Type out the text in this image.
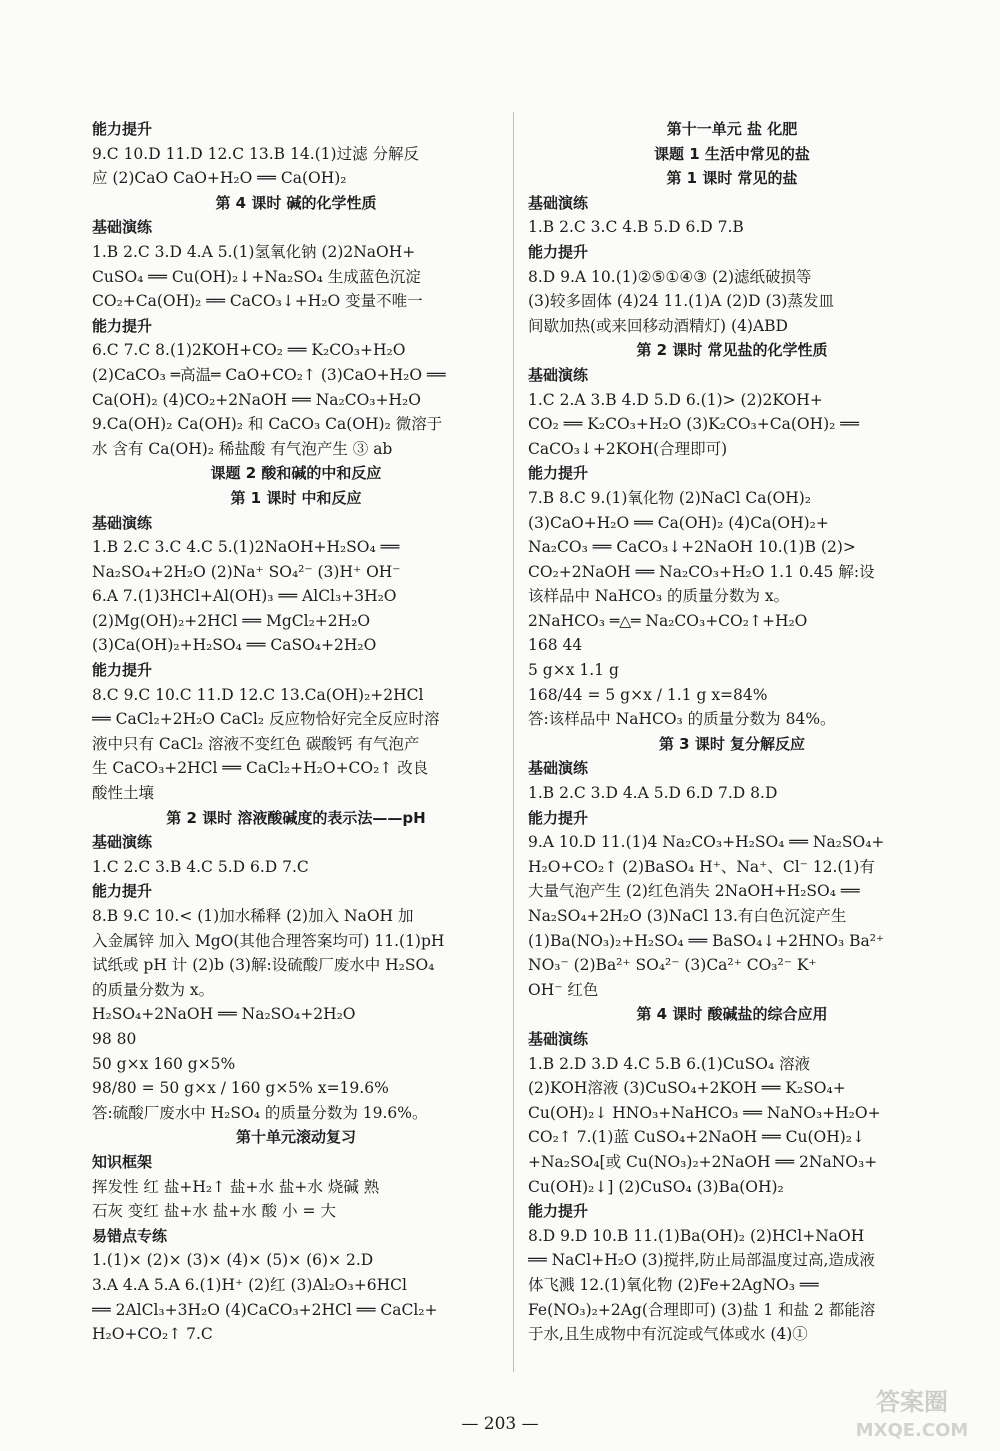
能力提升
9.C 10.D 11.D 12.C 13.B 14.(1)过滤 分解反
应 (2)CaO CaO+H₂O ══ Ca(OH)₂
第 4 课时 碱的化学性质
基础演练
1.B 2.C 3.D 4.A 5.(1)氢氧化钠 (2)2NaOH+
CuSO₄ ══ Cu(OH)₂↓+Na₂SO₄ 生成蓝色沉淀
CO₂+Ca(OH)₂ ══ CaCO₃↓+H₂O 变量不唯一
能力提升
6.C 7.C 8.(1)2KOH+CO₂ ══ K₂CO₃+H₂O
(2)CaCO₃ ═高温═ CaO+CO₂↑ (3)CaO+H₂O ══
Ca(OH)₂ (4)CO₂+2NaOH ══ Na₂CO₃+H₂O
9.Ca(OH)₂ Ca(OH)₂ 和 CaCO₃ Ca(OH)₂ 微溶于
水 含有 Ca(OH)₂ 稀盐酸 有气泡产生 ③ ab
课题 2 酸和碱的中和反应
第 1 课时 中和反应
基础演练
1.B 2.C 3.C 4.C 5.(1)2NaOH+H₂SO₄ ══
Na₂SO₄+2H₂O (2)Na⁺ SO₄²⁻ (3)H⁺ OH⁻
6.A 7.(1)3HCl+Al(OH)₃ ══ AlCl₃+3H₂O
(2)Mg(OH)₂+2HCl ══ MgCl₂+2H₂O
(3)Ca(OH)₂+H₂SO₄ ══ CaSO₄+2H₂O
能力提升
8.C 9.C 10.C 11.D 12.C 13.Ca(OH)₂+2HCl
══ CaCl₂+2H₂O CaCl₂ 反应物恰好完全反应时溶
液中只有 CaCl₂ 溶液不变红色 碳酸钙 有气泡产
生 CaCO₃+2HCl ══ CaCl₂+H₂O+CO₂↑ 改良
酸性土壤
第 2 课时 溶液酸碱度的表示法——pH
基础演练
1.C 2.C 3.B 4.C 5.D 6.D 7.C
能力提升
8.B 9.C 10.< (1)加水稀释 (2)加入 NaOH 加
入金属锌 加入 MgO(其他合理答案均可) 11.(1)pH
试纸或 pH 计 (2)b (3)解:设硫酸厂废水中 H₂SO₄
的质量分数为 x。
H₂SO₄+2NaOH ══ Na₂SO₄+2H₂O
98 80
50 g×x 160 g×5%
98/80 = 50 g×x / 160 g×5% x=19.6%
答:硫酸厂废水中 H₂SO₄ 的质量分数为 19.6%。
第十单元滚动复习
知识框架
挥发性 红 盐+H₂↑ 盐+水 盐+水 烧碱 熟
石灰 变红 盐+水 盐+水 酸 小 = 大
易错点专练
1.(1)× (2)× (3)× (4)× (5)× (6)× 2.D
3.A 4.A 5.A 6.(1)H⁺ (2)红 (3)Al₂O₃+6HCl
══ 2AlCl₃+3H₂O (4)CaCO₃+2HCl ══ CaCl₂+
H₂O+CO₂↑ 7.C
第十一单元 盐 化肥
课题 1 生活中常见的盐
第 1 课时 常见的盐
基础演练
1.B 2.C 3.C 4.B 5.D 6.D 7.B
能力提升
8.D 9.A 10.(1)②⑤①④③ (2)滤纸破损等
(3)较多固体 (4)24 11.(1)A (2)D (3)蒸发皿
间歇加热(或来回移动酒精灯) (4)ABD
第 2 课时 常见盐的化学性质
基础演练
1.C 2.A 3.B 4.D 5.D 6.(1)> (2)2KOH+
CO₂ ══ K₂CO₃+H₂O (3)K₂CO₃+Ca(OH)₂ ══
CaCO₃↓+2KOH(合理即可)
能力提升
7.B 8.C 9.(1)氧化物 (2)NaCl Ca(OH)₂
(3)CaO+H₂O ══ Ca(OH)₂ (4)Ca(OH)₂+
Na₂CO₃ ══ CaCO₃↓+2NaOH 10.(1)B (2)>
CO₂+2NaOH ══ Na₂CO₃+H₂O 1.1 0.45 解:设
该样品中 NaHCO₃ 的质量分数为 x。
2NaHCO₃ ═△═ Na₂CO₃+CO₂↑+H₂O
168 44
5 g×x 1.1 g
168/44 = 5 g×x / 1.1 g x=84%
答:该样品中 NaHCO₃ 的质量分数为 84%。
第 3 课时 复分解反应
基础演练
1.B 2.C 3.D 4.A 5.D 6.D 7.D 8.D
能力提升
9.A 10.D 11.(1)4 Na₂CO₃+H₂SO₄ ══ Na₂SO₄+
H₂O+CO₂↑ (2)BaSO₄ H⁺、Na⁺、Cl⁻ 12.(1)有
大量气泡产生 (2)红色消失 2NaOH+H₂SO₄ ══
Na₂SO₄+2H₂O (3)NaCl 13.有白色沉淀产生
(1)Ba(NO₃)₂+H₂SO₄ ══ BaSO₄↓+2HNO₃ Ba²⁺
NO₃⁻ (2)Ba²⁺ SO₄²⁻ (3)Ca²⁺ CO₃²⁻ K⁺
OH⁻ 红色
第 4 课时 酸碱盐的综合应用
基础演练
1.B 2.D 3.D 4.C 5.B 6.(1)CuSO₄ 溶液
(2)KOH溶液 (3)CuSO₄+2KOH ══ K₂SO₄+
Cu(OH)₂↓ HNO₃+NaHCO₃ ══ NaNO₃+H₂O+
CO₂↑ 7.(1)蓝 CuSO₄+2NaOH ══ Cu(OH)₂↓
+Na₂SO₄[或 Cu(NO₃)₂+2NaOH ══ 2NaNO₃+
Cu(OH)₂↓] (2)CuSO₄ (3)Ba(OH)₂
能力提升
8.D 9.D 10.B 11.(1)Ba(OH)₂ (2)HCl+NaOH
══ NaCl+H₂O (3)搅拌,防止局部温度过高,造成液
体飞溅 12.(1)氧化物 (2)Fe+2AgNO₃ ══
Fe(NO₃)₂+2Ag(合理即可) (3)盐 1 和盐 2 都能溶
于水,且生成物中有沉淀或气体或水 (4)①
— 203 —
答案圈
MXQE.COM
